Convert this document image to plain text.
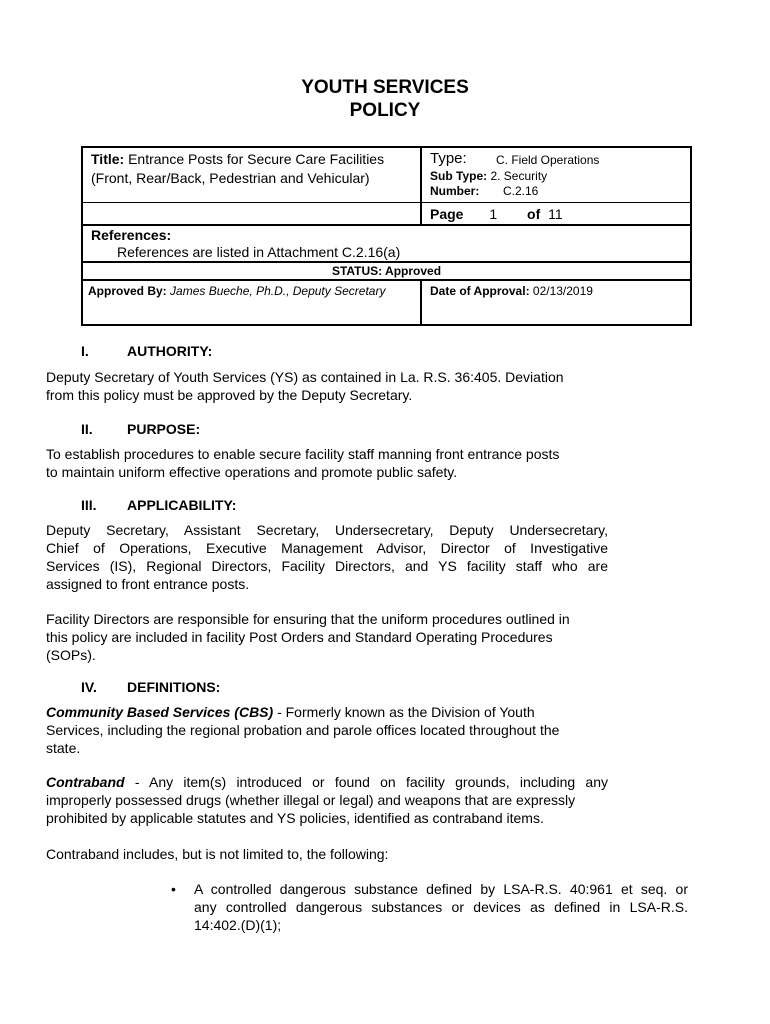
YOUTH SERVICES
POLICY
Title: Entrance Posts for Secure Care Facilities
(Front, Rear/Back, Pedestrian and Vehicular)
Type: C. Field Operations
Sub Type: 2. Security
Number: C.2.16
Page 1 of 11
References:
References are listed in Attachment C.2.16(a)
STATUS: Approved
Approved By: James Bueche, Ph.D., Deputy Secretary	Date of Approval: 02/13/2019
I.	AUTHORITY:
Deputy Secretary of Youth Services (YS) as contained in La. R.S. 36:405. Deviation
from this policy must be approved by the Deputy Secretary.
II. PURPOSE:
To establish procedures to enable secure facility staff manning front entrance posts
to maintain uniform effective operations and promote public safety.
III. APPLICABILITY:
Deputy Secretary, Assistant Secretary, Undersecretary, Deputy Undersecretary,
Chief of Operations, Executive Management Advisor, Director of Investigative
Services (IS), Regional Directors, Facility Directors, and YS facility staff who are
assigned to front entrance posts.
Facility Directors are responsible for ensuring that the uniform procedures outlined in
this policy are included in facility Post Orders and Standard Operating Procedures
(SOPs).
IV. DEFINITIONS:
Community Based Services (CBS) - Formerly known as the Division of Youth
Services, including the regional probation and parole offices located throughout the
state.
Contraband - Any item(s) introduced or found on facility grounds, including any
improperly possessed drugs (whether illegal or legal) and weapons that are expressly
prohibited by applicable statutes and YS policies, identified as contraband items.
Contraband includes, but is not limited to, the following:
• A controlled dangerous substance defined by LSA-R.S. 40:961 et seq. or
any controlled dangerous substances or devices as defined in LSA-R.S.
14:402.(D)(1);
